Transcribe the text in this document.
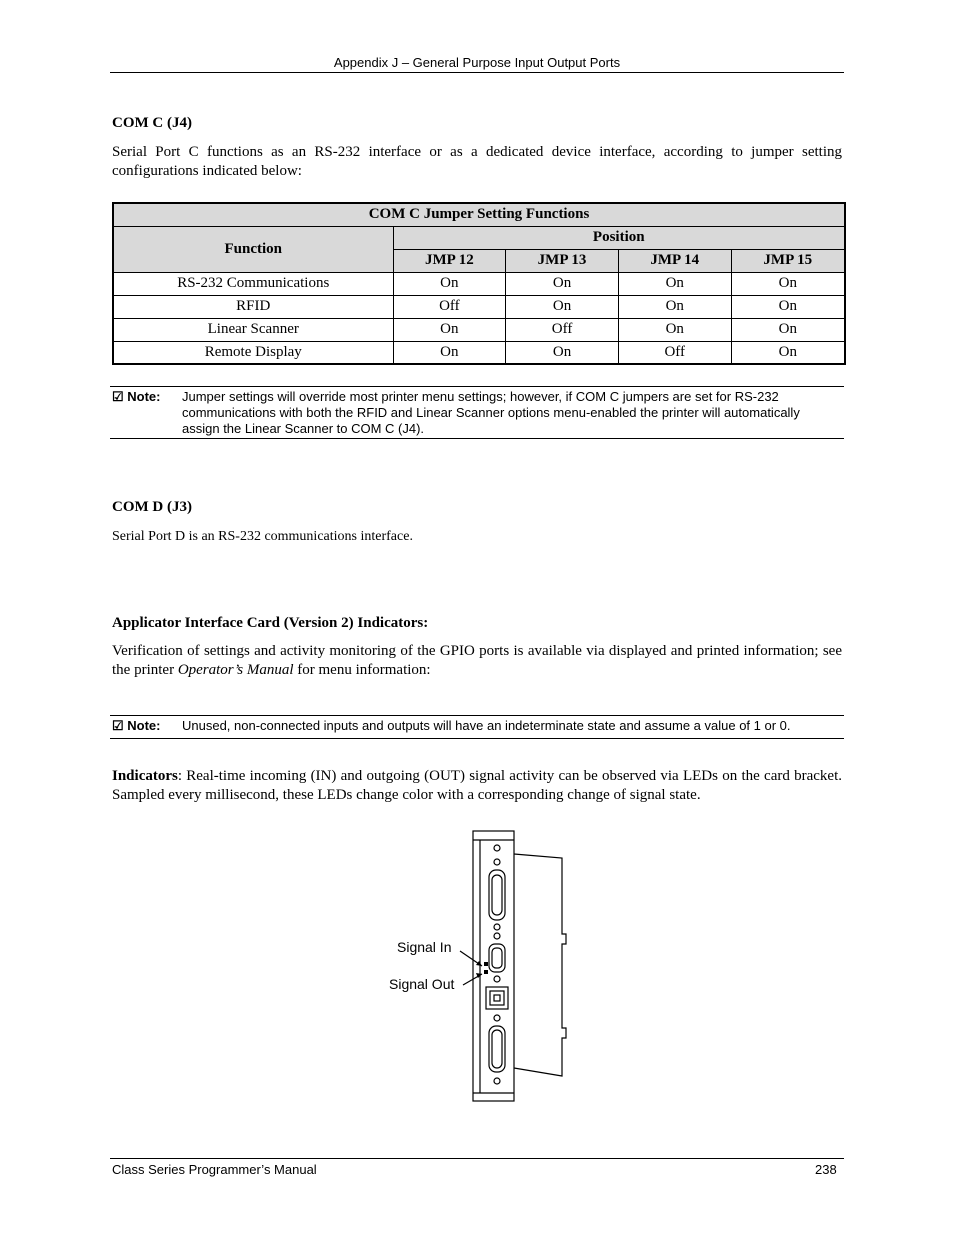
Appendix J – General Purpose Input Output Ports
COM C (J4)
Serial Port C functions as an RS-232 interface or as a dedicated device interface, according to jumper setting configurations indicated below:
COM C Jumper Setting Functions				
Function	Position			
	JMP 12	JMP 13	JMP 14	JMP 15
RS-232 Communications	On	On	On	On
RFID	Off	On	On	On
Linear Scanner	On	Off	On	On
Remote Display	On	On	Off	On
☑ Note: Jumper settings will override most printer menu settings; however, if COM C jumpers are set for RS-232 communications with both the RFID and Linear Scanner options menu-enabled the printer will automatically assign the Linear Scanner to COM C (J4).
COM D (J3)
Serial Port D is an RS-232 communications interface.
Applicator Interface Card (Version 2) Indicators:
Verification of settings and activity monitoring of the GPIO ports is available via displayed and printed information; see the printer Operator’s Manual for menu information:
☑ Note: Unused, non-connected inputs and outputs will have an indeterminate state and assume a value of 1 or 0.
Indicators: Real-time incoming (IN) and outgoing (OUT) signal activity can be observed via LEDs on the card bracket. Sampled every millisecond, these LEDs change color with a corresponding change of signal state.
Signal In
Signal Out
Class Series Programmer’s Manual	238
